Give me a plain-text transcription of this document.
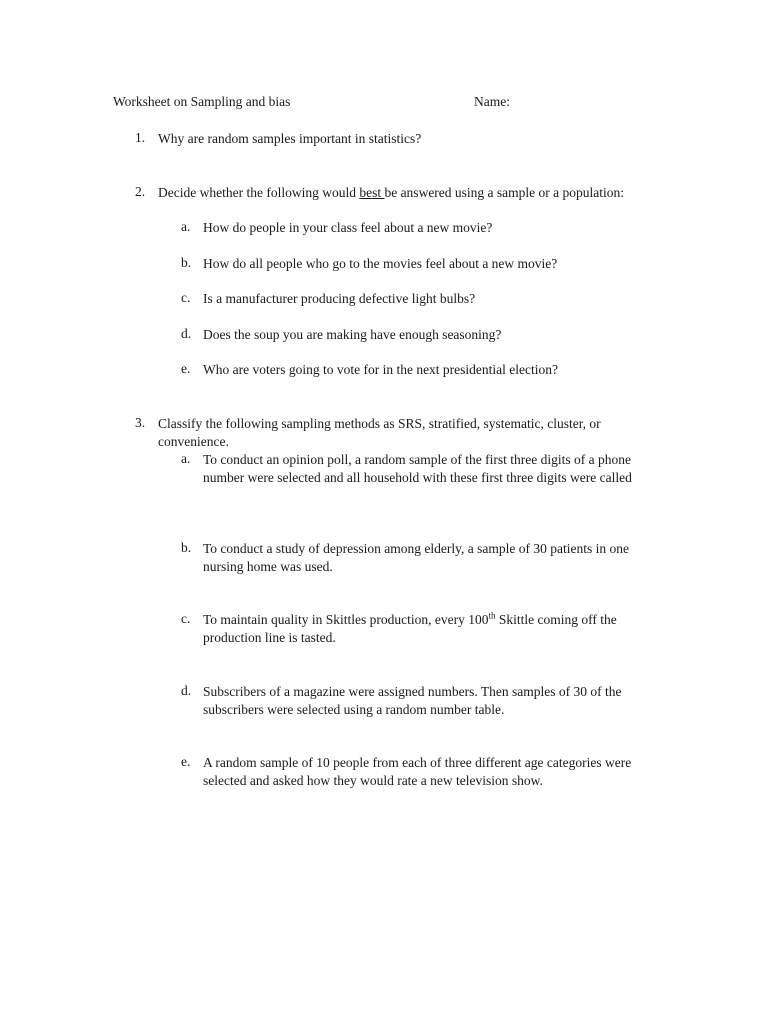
Worksheet on Sampling and bias	Name:
1. Why are random samples important in statistics?
2. Decide whether the following would best be answered using a sample or a population:
a. How do people in your class feel about a new movie?
b. How do all people who go to the movies feel about a new movie?
c. Is a manufacturer producing defective light bulbs?
d. Does the soup you are making have enough seasoning?
e. Who are voters going to vote for in the next presidential election?
3. Classify the following sampling methods as SRS, stratified, systematic, cluster, or convenience.
a. To conduct an opinion poll, a random sample of the first three digits of a phone number were selected and all household with these first three digits were called
b. To conduct a study of depression among elderly, a sample of 30 patients in one nursing home was used.
c. To maintain quality in Skittles production, every 100th Skittle coming off the production line is tasted.
d. Subscribers of a magazine were assigned numbers. Then samples of 30 of the subscribers were selected using a random number table.
e. A random sample of 10 people from each of three different age categories were selected and asked how they would rate a new television show.
